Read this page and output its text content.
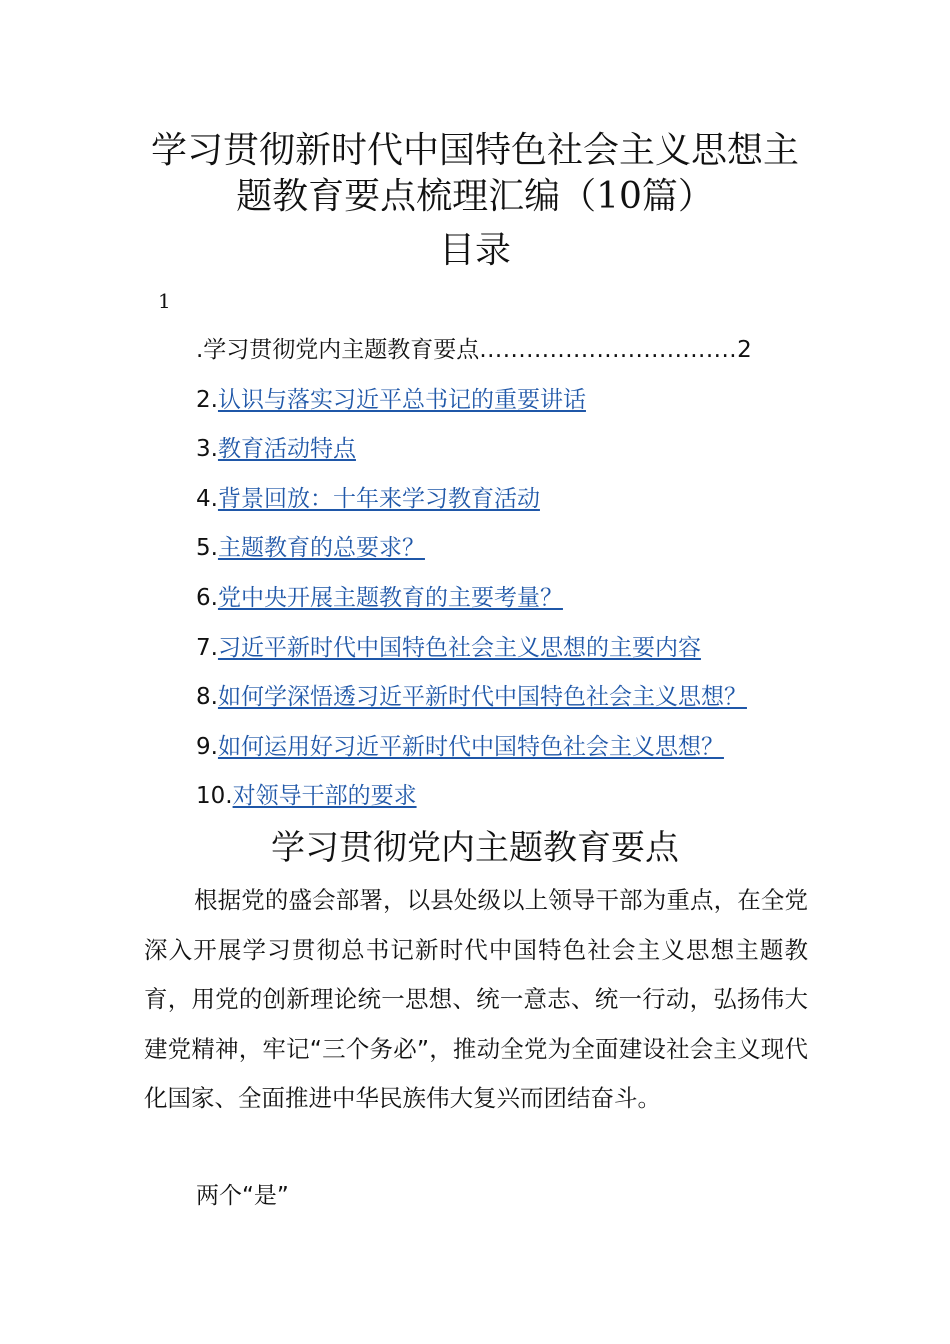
学习贯彻新时代中国特色社会主义思想主
题教育要点梳理汇编（10篇）
目录
1
.学习贯彻党内主题教育要点 ................................. 2
2. 认识与落实习近平总书记的重要讲话
3. 教育活动特点
4. 背景回放：十年来学习教育活动
5. 主题教育的总要求？
6. 党中央开展主题教育的主要考量？
7. 习近平新时代中国特色社会主义思想的主要内容
8. 如何学深悟透习近平新时代中国特色社会主义思想？
9. 如何运用好习近平新时代中国特色社会主义思想？
10. 对领导干部的要求
学习贯彻党内主题教育要点

根据党的盛会部署，以县处级以上领导干部为重点，在全党深入开展学习贯彻总书记新时代中国特色社会主义思想主题教育，用党的创新理论统一思想、统一意志、统一行动，弘扬伟大建党精神，牢记“三个务必”，推动全党为全面建设社会主义现代化国家、全面推进中华民族伟大复兴而团结奋斗。

两个“是”
